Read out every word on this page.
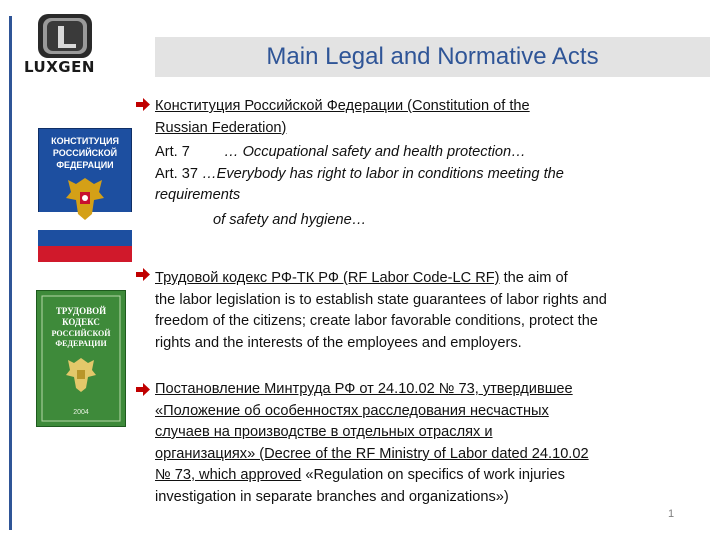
LUXGEN	Main Legal and Normative Acts
Конституция Российской Федерации (Constitution of the
Russian Federation)
Art. 7 … Occupational safety and health protection…
Art. 37 …Everybody has right to labor in conditions meeting the
requirements
of safety and hygiene…
КОНСТИТУЦИЯ
РОССИЙСКОЙ
ФЕДЕРАЦИИ
Трудовой кодекс РФ-ТК РФ (RF Labor Code-LC RF) the aim of
the labor legislation is to establish state guarantees of labor rights and
freedom of the citizens; create labor favorable conditions, protect the
rights and the interests of the employees and employers.
ТРУДОВОЙ
КОДЕКС
РОССИЙСКОЙ
ФЕДЕРАЦИИ
2004
Постановление Минтруда РФ от 24.10.02 № 73, утвердившее
«Положение об особенностях расследования несчастных
случаев на производстве в отдельных отраслях и
организациях» (Decree of the RF Ministry of Labor dated 24.10.02
№ 73, which approved «Regulation on specifics of work injuries
investigation in separate branches and organizations»)
1
